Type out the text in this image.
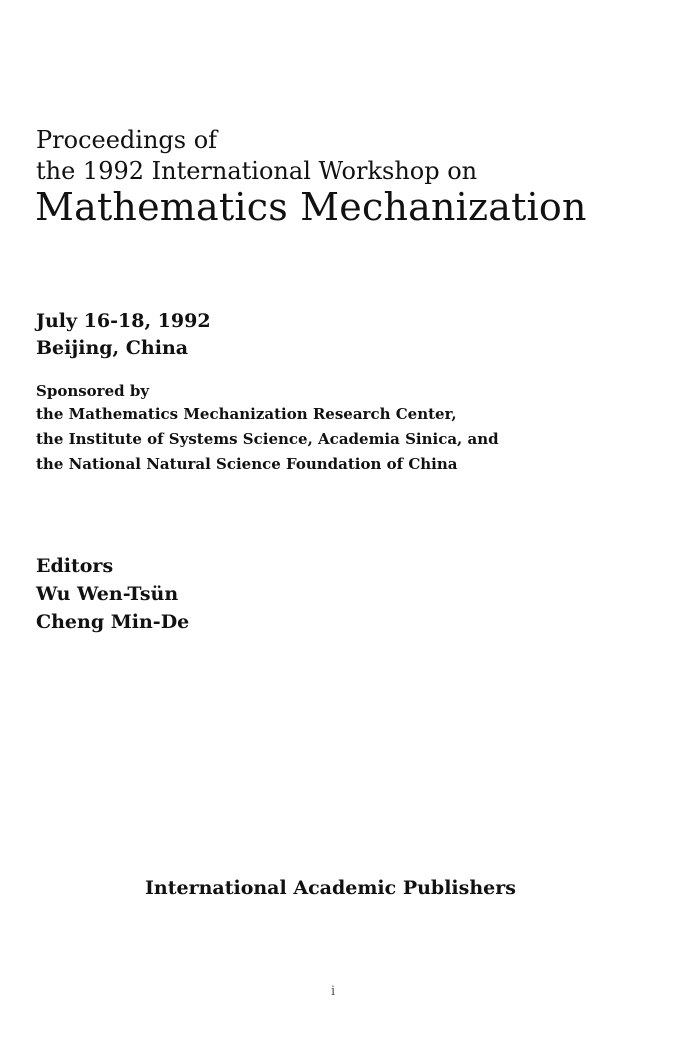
Proceedings of

the 1992 International Workshop on

Mathematics Mechanization

July 16-18, 1992

Beijing, China

Sponsored by

the Mathematics Mechanization Research Center,

the Institute of Systems Science, Academia Sinica, and

the National Natural Science Foundation of China

Editors

Wu Wen-Tsün

Cheng Min-De

International Academic Publishers

i
